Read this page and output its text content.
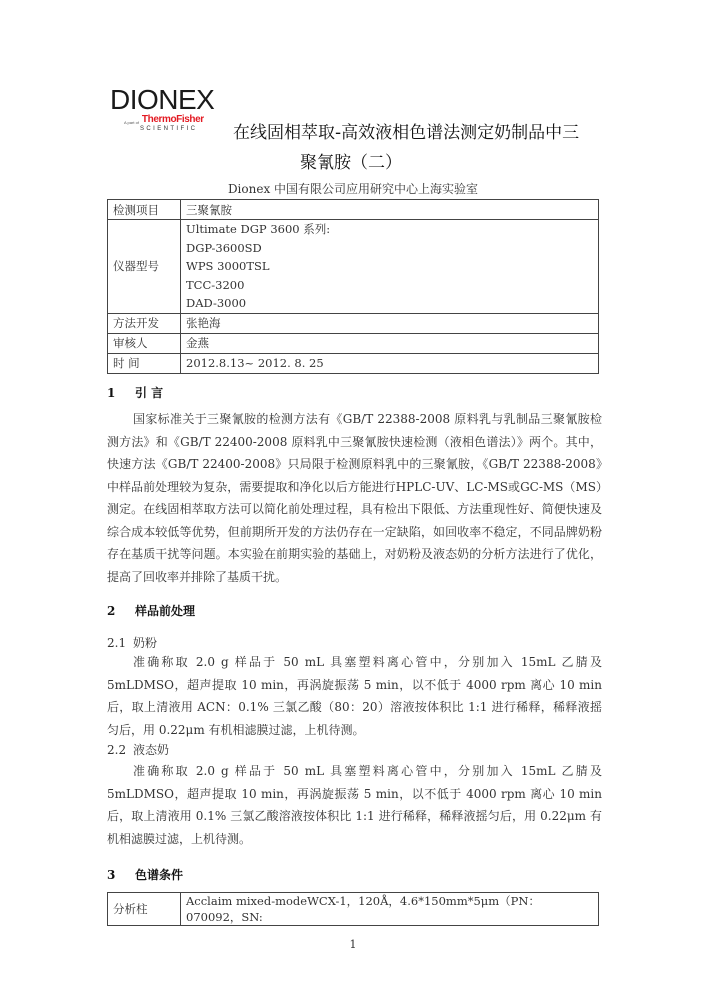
DIONEX
A part of ThermoFisher
SCIENTIFIC	在线固相萃取-高效液相色谱法测定奶制品中三
聚氰胺（二）
Dionex 中国有限公司应用研究中心上海实验室
检测项目	三聚氰胺
仪器型号	Ultimate DGP 3600 系列:
DGP-3600SD
WPS 3000TSL
TCC-3200
DAD-3000

方法开发	张艳海
审核人	金燕
时 间	2012.8.13~ 2012. 8. 25
1 引 言
国家标准关于三聚氰胺的检测方法有《GB/T 22388-2008 原料乳与乳制品三聚氰胺检测方法》和《GB/T 22400-2008 原料乳中三聚氰胺快速检测（液相色谱法）》两个。其中，快速方法《GB/T 22400-2008》只局限于检测原料乳中的三聚氰胺，《GB/T 22388-2008》中样品前处理较为复杂，需要提取和净化以后方能进行HPLC-UV、LC-MS或GC-MS（MS）测定。在线固相萃取方法可以简化前处理过程，具有检出下限低、方法重现性好、简便快速及综合成本较低等优势，但前期所开发的方法仍存在一定缺陷，如回收率不稳定，不同品牌奶粉存在基质干扰等问题。本实验在前期实验的基础上，对奶粉及液态奶的分析方法进行了优化，提高了回收率并排除了基质干扰。
2 样品前处理
2.1 奶粉
准确称取 2.0 g 样品于 50 mL 具塞塑料离心管中，分别加入 15mL 乙腈及 5mLDMSO，超声提取 10 min，再涡旋振荡 5 min，以不低于 4000 rpm 离心 10 min 后，取上清液用 ACN：0.1% 三氯乙酸（80：20）溶液按体积比 1:1 进行稀释，稀释液摇匀后，用 0.22μm 有机相滤膜过滤，上机待测。
2.2 液态奶
准确称取 2.0 g 样品于 50 mL 具塞塑料离心管中，分别加入 15mL 乙腈及 5mLDMSO，超声提取 10 min，再涡旋振荡 5 min，以不低于 4000 rpm 离心 10 min 后，取上清液用 0.1% 三氯乙酸溶液按体积比 1:1 进行稀释，稀释液摇匀后，用 0.22μm 有机相滤膜过滤，上机待测。
3 色谱条件
分析柱	Acclaim mixed-modeWCX-1，120Å，4.6*150mm*5μm（PN：070092，SN:
1
